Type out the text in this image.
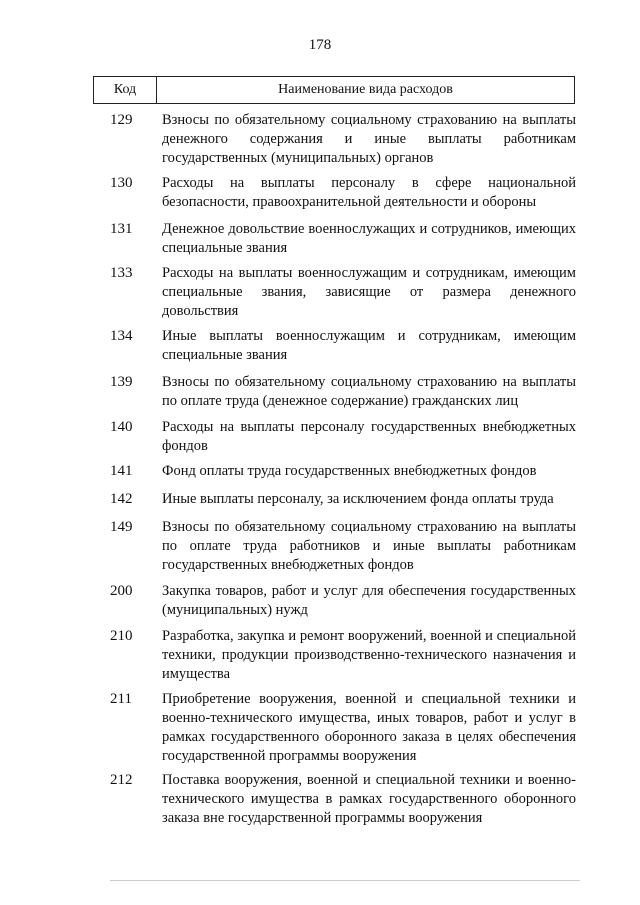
178
Код	Наименование вида расходов
129	Взносы по обязательному социальному страхованию на выплаты денежного содержания и иные выплаты работникам государственных (муниципальных) органов
130	Расходы на выплаты персоналу в сфере национальной безопасности, правоохранительной деятельности и обороны
131	Денежное довольствие военнослужащих и сотрудников, имеющих специальные звания
133	Расходы на выплаты военнослужащим и сотрудникам, имеющим специальные звания, зависящие от размера денежного довольствия
134	Иные выплаты военнослужащим и сотрудникам, имеющим специальные звания
139	Взносы по обязательному социальному страхованию на выплаты по оплате труда (денежное содержание) гражданских лиц
140	Расходы на выплаты персоналу государственных внебюджетных фондов
141	Фонд оплаты труда государственных внебюджетных фондов
142	Иные выплаты персоналу, за исключением фонда оплаты труда
149	Взносы по обязательному социальному страхованию на выплаты по оплате труда работников и иные выплаты работникам государственных внебюджетных фондов
200	Закупка товаров, работ и услуг для обеспечения государственных (муниципальных) нужд
210	Разработка, закупка и ремонт вооружений, военной и специальной техники, продукции производственно-технического назначения и имущества
211	Приобретение вооружения, военной и специальной техники и военно-технического имущества, иных товаров, работ и услуг в рамках государственного оборонного заказа в целях обеспечения государственной программы вооружения
212	Поставка вооружения, военной и специальной техники и военно-технического имущества в рамках государственного оборонного заказа вне государственной программы вооружения
